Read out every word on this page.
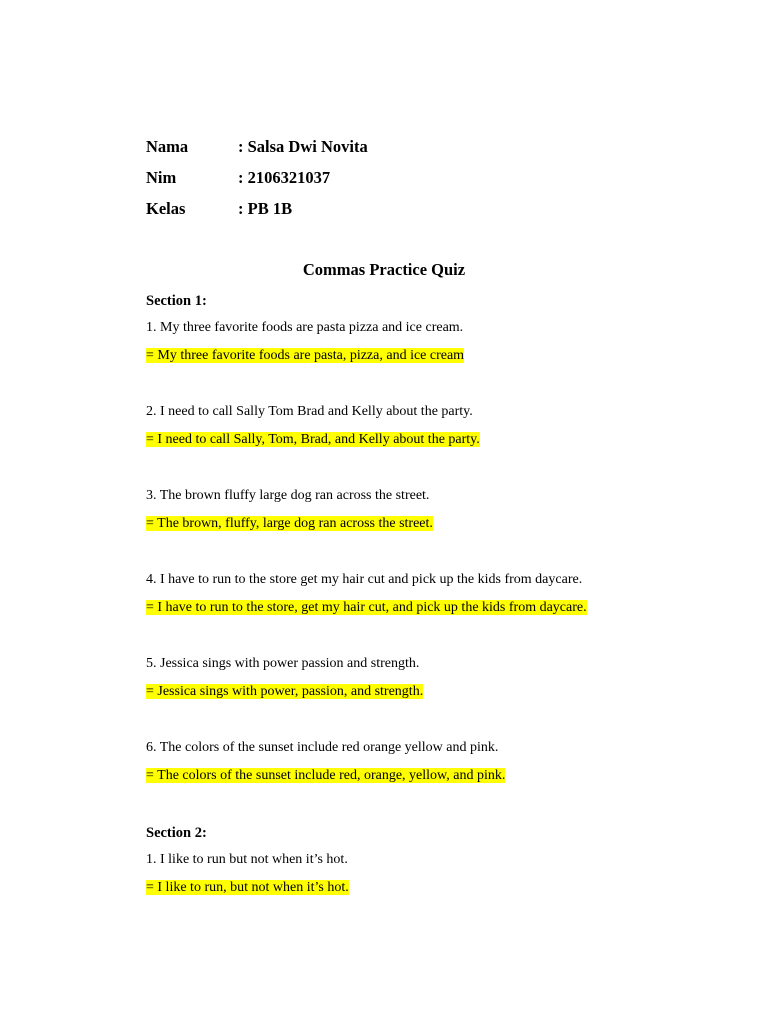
Nama	: Salsa Dwi Novita
Nim	: 2106321037
Kelas	: PB 1B
Commas Practice Quiz
Section 1:
1. My three favorite foods are pasta pizza and ice cream.
= My three favorite foods are pasta, pizza, and ice cream
2. I need to call Sally Tom Brad and Kelly about the party.
= I need to call Sally, Tom, Brad, and Kelly about the party.
3. The brown fluffy large dog ran across the street.
= The brown, fluffy, large dog ran across the street.
4. I have to run to the store get my hair cut and pick up the kids from daycare.
= I have to run to the store, get my hair cut, and pick up the kids from daycare.
5. Jessica sings with power passion and strength.
= Jessica sings with power, passion, and strength.
6. The colors of the sunset include red orange yellow and pink.
= The colors of the sunset include red, orange, yellow, and pink.
Section 2:
1. I like to run but not when it’s hot.
= I like to run, but not when it’s hot.
